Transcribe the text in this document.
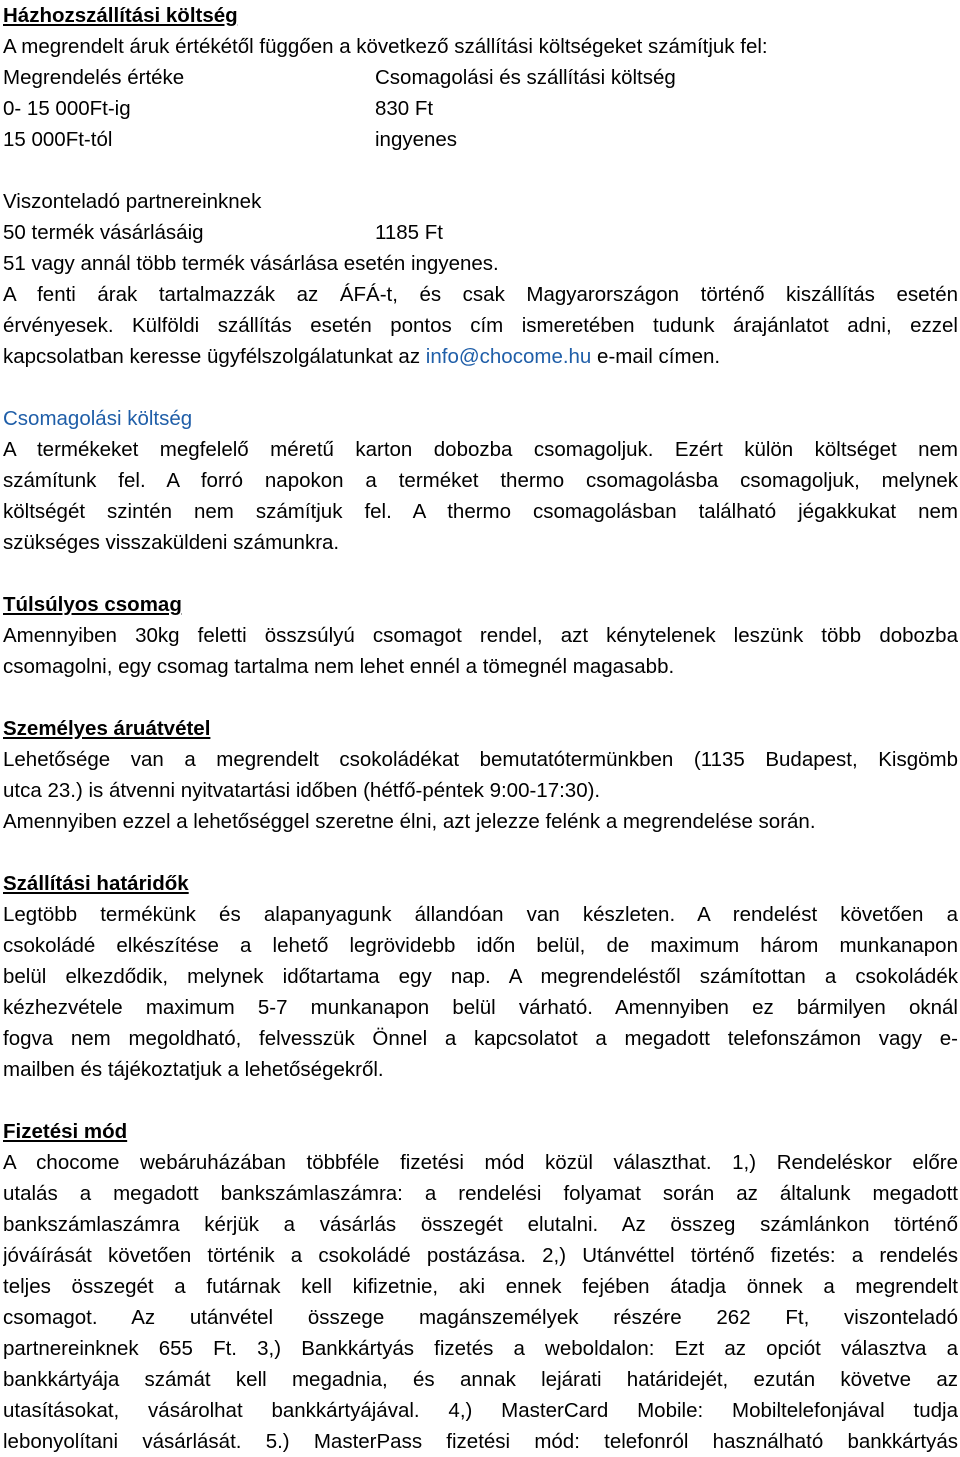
Házhozszállítási költség
A megrendelt áruk értékétől függően a következő szállítási költségeket számítjuk fel:
Megrendelés értéke	Csomagolási és szállítási költség
0- 15 000Ft-ig	830 Ft
15 000Ft-tól	ingyenes
Viszonteladó partnereinknek
50 termék vásárlásáig	1185 Ft
51 vagy annál több termék vásárlása esetén ingyenes.
A fenti árak tartalmazzák az ÁFÁ-t, és csak Magyarországon történő kiszállítás esetén
érvényesek. Külföldi szállítás esetén pontos cím ismeretében tudunk árajánlatot adni, ezzel
kapcsolatban keresse ügyfélszolgálatunkat az info@chocome.hu e-mail címen.
Csomagolási költség
A termékeket megfelelő méretű karton dobozba csomagoljuk. Ezért külön költséget nem
számítunk fel. A forró napokon a terméket thermo csomagolásba csomagoljuk, melynek
költségét szintén nem számítjuk fel. A thermo csomagolásban található jégakkukat nem
szükséges visszaküldeni számunkra.
Túlsúlyos csomag
Amennyiben 30kg feletti összsúlyú csomagot rendel, azt kénytelenek leszünk több dobozba
csomagolni, egy csomag tartalma nem lehet ennél a tömegnél magasabb.
Személyes áruátvétel
Lehetősége van a megrendelt csokoládékat bemutatótermünkben (1135 Budapest, Kisgömb
utca 23.) is átvenni nyitvatartási időben (hétfő-péntek 9:00-17:30).
Amennyiben ezzel a lehetőséggel szeretne élni, azt jelezze felénk a megrendelése során.
Szállítási határidők
Legtöbb termékünk és alapanyagunk állandóan van készleten. A rendelést követően a
csokoládé elkészítése a lehető legrövidebb időn belül, de maximum három munkanapon
belül elkezdődik, melynek időtartama egy nap. A megrendeléstől számítottan a csokoládék
kézhezvétele maximum 5-7 munkanapon belül várható. Amennyiben ez bármilyen oknál
fogva nem megoldható, felvesszük Önnel a kapcsolatot a megadott telefonszámon vagy e-
mailben és tájékoztatjuk a lehetőségekről.
Fizetési mód
A chocome webáruházában többféle fizetési mód közül választhat. 1,) Rendeléskor előre
utalás a megadott bankszámlaszámra: a rendelési folyamat során az általunk megadott
bankszámlaszámra kérjük a vásárlás összegét elutalni. Az összeg számlánkon történő
jóváírását követően történik a csokoládé postázása. 2,) Utánvéttel történő fizetés: a rendelés
teljes összegét a futárnak kell kifizetnie, aki ennek fejében átadja önnek a megrendelt
csomagot. Az utánvétel összege magánszemélyek részére 262 Ft, viszonteladó
partnereinknek 655 Ft. 3,) Bankkártyás fizetés a weboldalon: Ezt az opciót választva a
bankkártyája számát kell megadnia, és annak lejárati határidejét, ezután követve az
utasításokat, vásárolhat bankkártyájával. 4,) MasterCard Mobile: Mobiltelefonjával tudja
lebonyolítani vásárlását. 5.) MasterPass fizetési mód: telefonról használható bankkártyás
